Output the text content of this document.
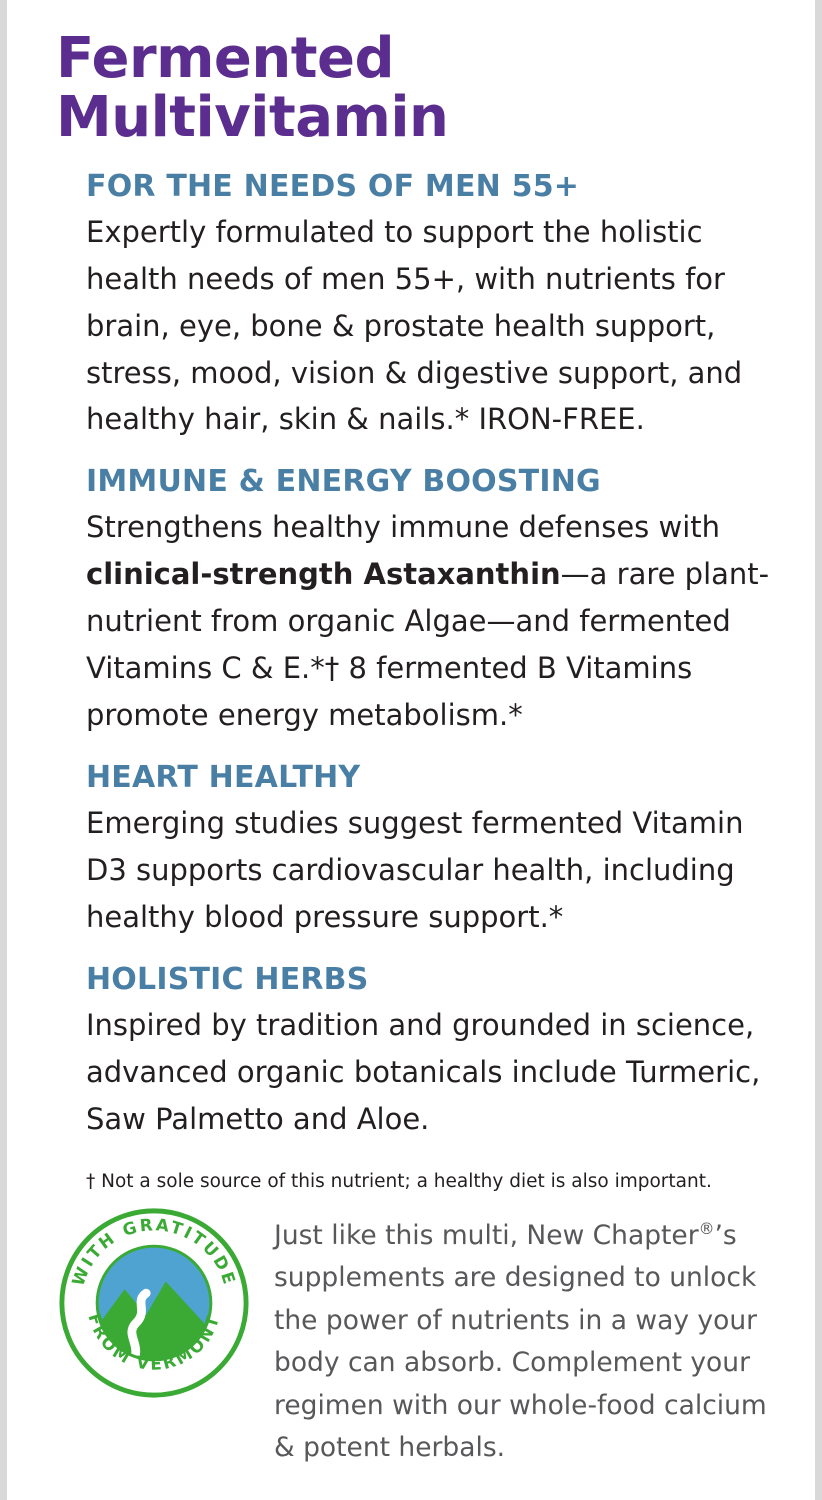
Fermented Multivitamin
FOR THE NEEDS OF MEN 55+

Expertly formulated to support the holistic health needs of men 55+, with nutrients for brain, eye, bone & prostate health support, stress, mood, vision & digestive support, and healthy hair, skin & nails.* IRON-FREE.

IMMUNE & ENERGY BOOSTING

Strengthens healthy immune defenses with clinical-strength Astaxanthin—a rare plant-nutrient from organic Algae—and fermented Vitamins C & E.*† 8 fermented B Vitamins promote energy metabolism.*

HEART HEALTHY

Emerging studies suggest fermented Vitamin D3 supports cardiovascular health, including healthy blood pressure support.*

HOLISTIC HERBS

Inspired by tradition and grounded in science, advanced organic botanicals include Turmeric, Saw Palmetto and Aloe.

† Not a sole source of this nutrient; a healthy diet is also important.
WITH GRATITUDE
FROM VERMONT
Just like this multi, New Chapter®’s supplements are designed to unlock the power of nutrients in a way your body can absorb. Complement your regimen with our whole-food calcium & potent herbals.
